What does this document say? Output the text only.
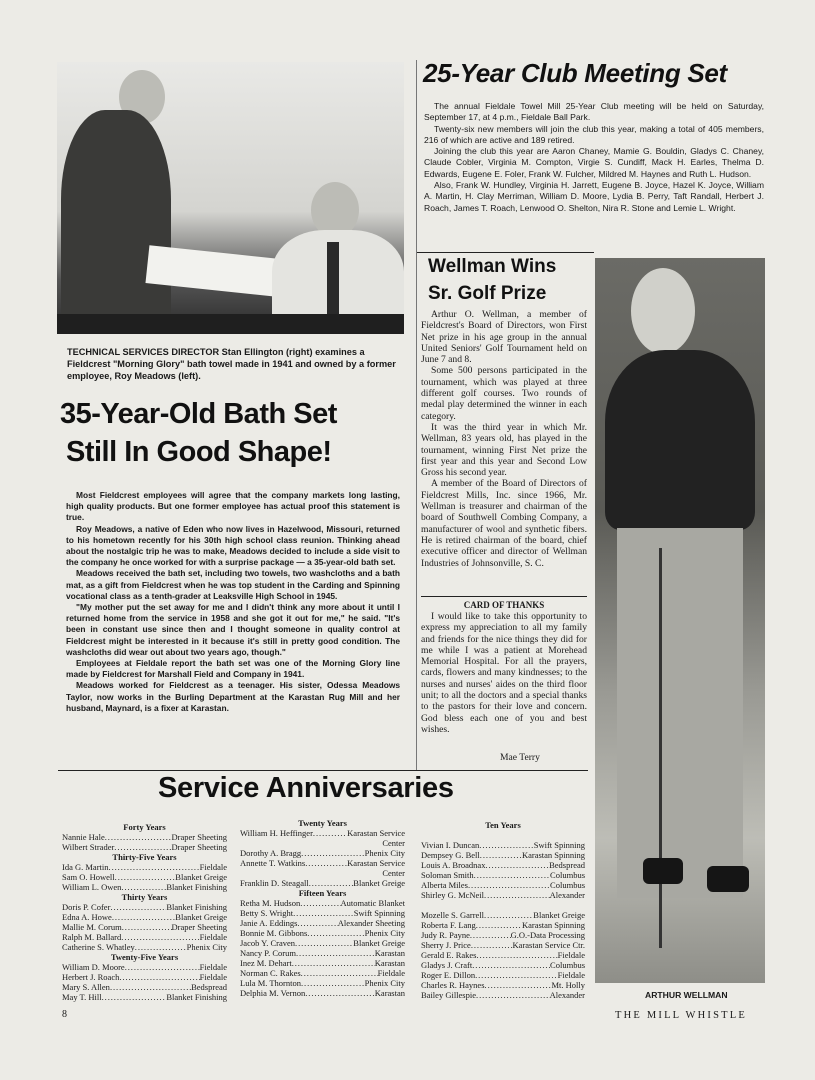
TECHNICAL SERVICES DIRECTOR Stan Ellington (right) examines a Fieldcrest "Morning Glory" bath towel made in 1941 and owned by a former employee, Roy Meadows (left).
25-Year Club Meeting Set

The annual Fieldale Towel Mill 25-Year Club meeting will be held on Saturday, September 17, at 4 p.m., Fieldale Ball Park.

Twenty-six new members will join the club this year, making a total of 405 members, 216 of which are active and 189 retired.

Joining the club this year are Aaron Chaney, Mamie G. Bouldin, Gladys C. Chaney, Claude Cobler, Virginia M. Compton, Virgie S. Cundiff, Mack H. Earles, Thelma D. Edwards, Eugene E. Foler, Frank W. Fulcher, Mildred M. Haynes and Ruth L. Hudson.

Also, Frank W. Hundley, Virginia H. Jarrett, Eugene B. Joyce, Hazel K. Joyce, William A. Martin, H. Clay Merriman, William D. Moore, Lydia B. Perry, Taft Randall, Herbert J. Roach, James T. Roach, Lenwood O. Shelton, Nira R. Stone and Lemie L. Wright.

35-Year-Old Bath Set
Still In Good Shape!

Most Fieldcrest employees will agree that the company markets long lasting, high quality products. But one former employee has actual proof this statement is true.

Roy Meadows, a native of Eden who now lives in Hazelwood, Missouri, returned to his hometown recently for his 30th high school class reunion. Thinking ahead about the nostalgic trip he was to make, Meadows decided to include a side visit to the company he once worked for with a surprise package — a 35-year-old bath set.

Meadows received the bath set, including two towels, two washcloths and a bath mat, as a gift from Fieldcrest when he was top student in the Carding and Spinning vocational class as a tenth-grader at Leaksville High School in 1945.

"My mother put the set away for me and I didn't think any more about it until I returned home from the service in 1958 and she got it out for me," he said. "It's been in constant use since then and I thought someone in quality control at Fieldcrest might be interested in it because it's still in pretty good condition. The washcloths did wear out about two years ago, though."

Employees at Fieldale report the bath set was one of the Morning Glory line made by Fieldcrest for Marshall Field and Company in 1941.

Meadows worked for Fieldcrest as a teenager. His sister, Odessa Meadows Taylor, now works in the Burling Department at the Karastan Rug Mill and her husband, Maynard, is a fixer at Karastan.

Wellman Wins
Sr. Golf Prize

Arthur O. Wellman, a member of Fieldcrest's Board of Directors, won First Net prize in his age group in the annual United Seniors' Golf Tournament held on June 7 and 8.

Some 500 persons participated in the tournament, which was played at three different golf courses. Two rounds of medal play determined the winner in each category.

It was the third year in which Mr. Wellman, 83 years old, has played in the tournament, winning First Net prize the first year and this year and Second Low Gross his second year.

A member of the Board of Directors of Fieldcrest Mills, Inc. since 1966, Mr. Wellman is treasurer and chairman of the board of Southwell Combing Company, a manufacturer of wool and synthetic fibers. He is retired chairman of the board, chief executive officer and director of Wellman Industries of Johnsonville, S. C.

CARD OF THANKS

I would like to take this opportunity to express my appreciation to all my family and friends for the nice things they did for me while I was a patient at Morehead Memorial Hospital. For all the prayers, cards, flowers and many kindnesses; to the nurses and nurses' aides on the third floor unit; to all the doctors and a special thanks to the pastors for their love and concern. God bless each one of you and best wishes.

Mae Terry
ARTHUR WELLMAN
Service Anniversaries
Forty Years
Nannie Hale . . .	Draper Sheeting
Wilbert Strader . . .	Draper Sheeting
Thirty-Five Years
Ida G. Martin . . .	Fieldale
Sam O. Howell . . .	Blanket Greige
William L. Owen . . .	Blanket Finishing
Thirty Years
Doris P. Cofer . . .	Blanket Finishing
Edna A. Howe . . .	Blanket Greige
Mallie M. Corum . . .	Draper Sheeting
Ralph M. Ballard . . .	Fieldale
Catherine S. Whatley . . .	Phenix City
Twenty-Five Years
William D. Moore . . .	Fieldale
Herbert J. Roach . . .	Fieldale
Mary S. Allen . . .	Bedspread
May T. Hill . . .	Blanket Finishing
Twenty Years
William H. Heffinger . . .	Karastan Service
Center
Dorothy A. Bragg . . .	Phenix City
Annette T. Watkins . . .	Karastan Service
Center
Franklin D. Steagall . . .	Blanket Greige
Fifteen Years
Retha M. Hudson . . .	Automatic Blanket
Betty S. Wright . . .	Swift Spinning
Janie A. Eddings . . .	Alexander Sheeting
Bonnie M. Gibbons . . .	Phenix City
Jacob Y. Craven . . .	Blanket Greige
Nancy P. Corum . . .	Karastan
Inez M. Dehart . . .	Karastan
Norman C. Rakes . . .	Fieldale
Lula M. Thornton . . .	Phenix City
Delphia M. Vernon . . .	Karastan
Ten Years
Vivian I. Duncan . . .	Swift Spinning
Dempsey G. Bell . . .	Karastan Spinning
Louis A. Broadnax . . .	Bedspread
Soloman Smith . . .	Columbus
Alberta Miles . . .	Columbus
Shirley G. McNeil . . .	Alexander
Mozelle S. Garrell . . .	Blanket Greige
Roberta F. Lang . . .	Karastan Spinning
Judy R. Payne . . .	G.O.-Data Processing
Sherry J. Price . . .	Karastan Service Ctr.
Gerald E. Rakes . . .	Fieldale
Gladys J. Craft . . .	Columbus
Roger E. Dillon . . .	Fieldale
Charles R. Haynes . . .	Mt. Holly
Bailey Gillespie . . .	Alexander
8	THE MILL WHISTLE
